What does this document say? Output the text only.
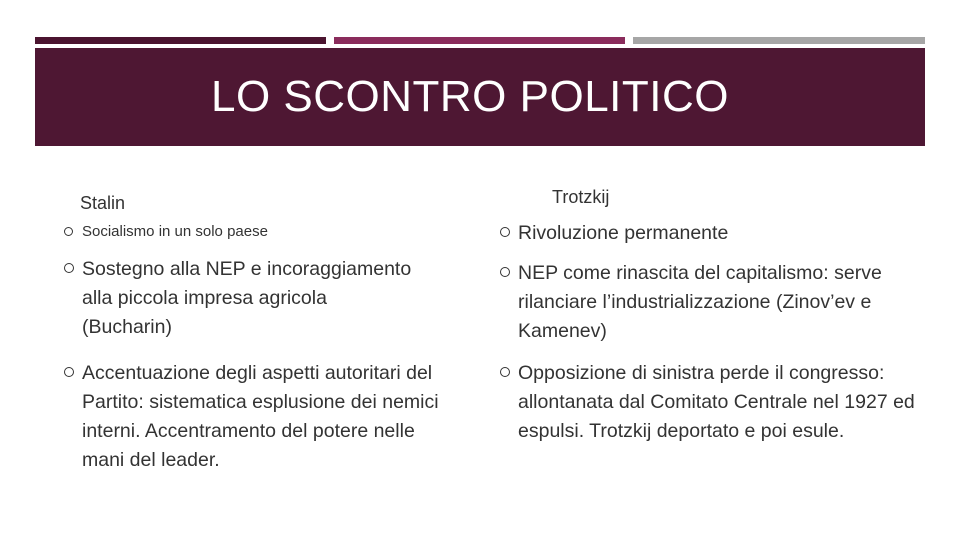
LO SCONTRO POLITICO
Stalin
Socialismo in un solo paese
Sostegno alla NEP e incoraggiamento alla piccola impresa agricola (Bucharin)
Accentuazione degli aspetti autoritari del Partito: sistematica esplusione dei nemici interni. Accentramento del potere nelle mani del leader.
Trotzkij
Rivoluzione permanente
NEP come rinascita del capitalismo: serve rilanciare l’industrializzazione (Zinov’ev e Kamenev)
Opposizione di sinistra perde il congresso: allontanata dal Comitato Centrale nel 1927 ed espulsi. Trotzkij deportato e poi esule.
